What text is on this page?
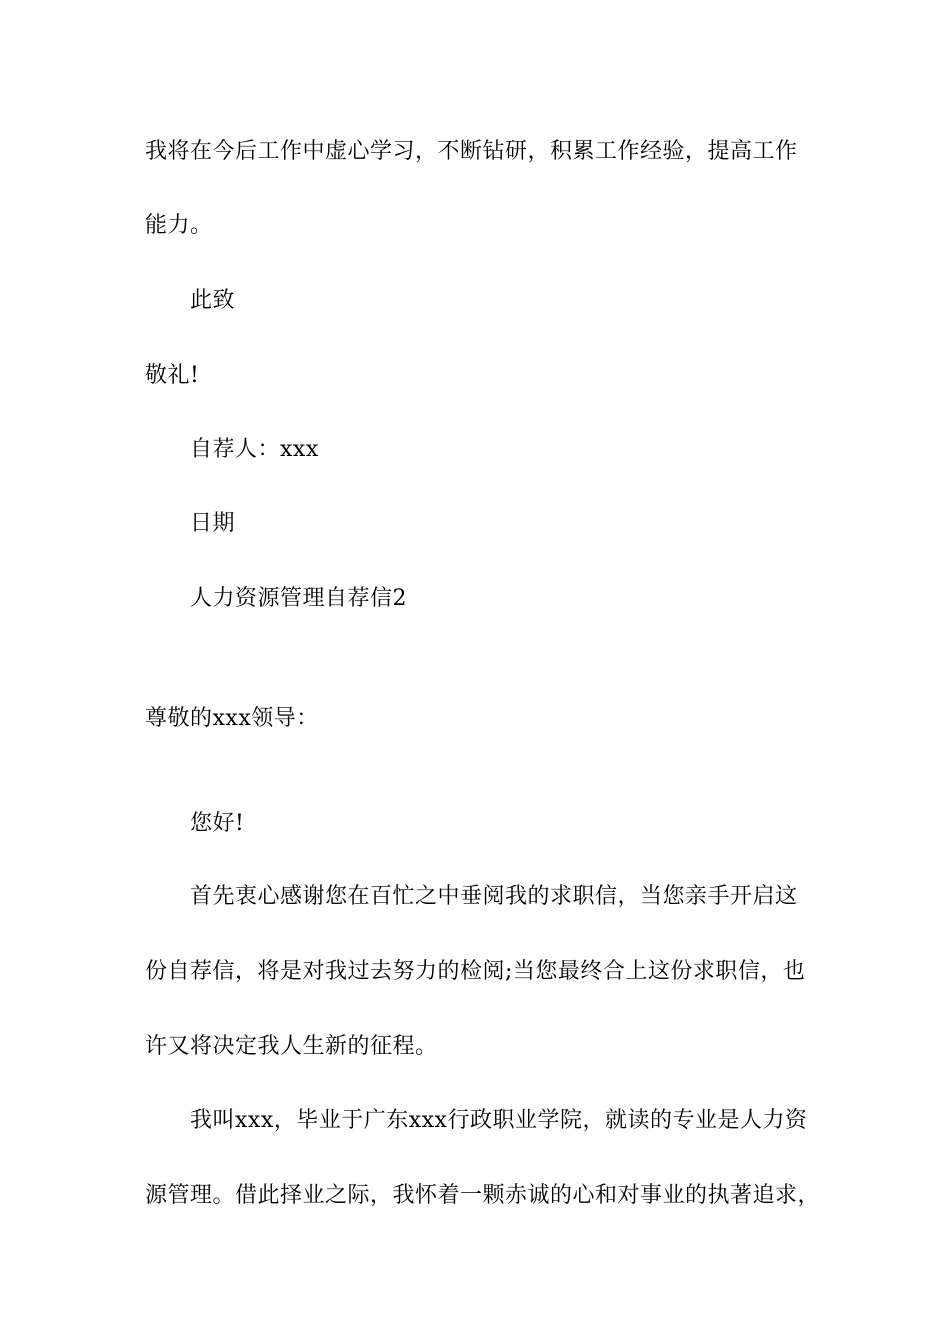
我将在今后工作中虚心学习，不断钻研，积累工作经验，提高工作
能力。
此致
敬礼!
自荐人：xxx
日期
人力资源管理自荐信2
尊敬的xxx领导：
您好!
首先衷心感谢您在百忙之中垂阅我的求职信，当您亲手开启这
份自荐信，将是对我过去努力的检阅;当您最终合上这份求职信，也
许又将决定我人生新的征程。
我叫xxx，毕业于广东xxx行政职业学院，就读的专业是人力资
源管理。借此择业之际，我怀着一颗赤诚的心和对事业的执著追求，
